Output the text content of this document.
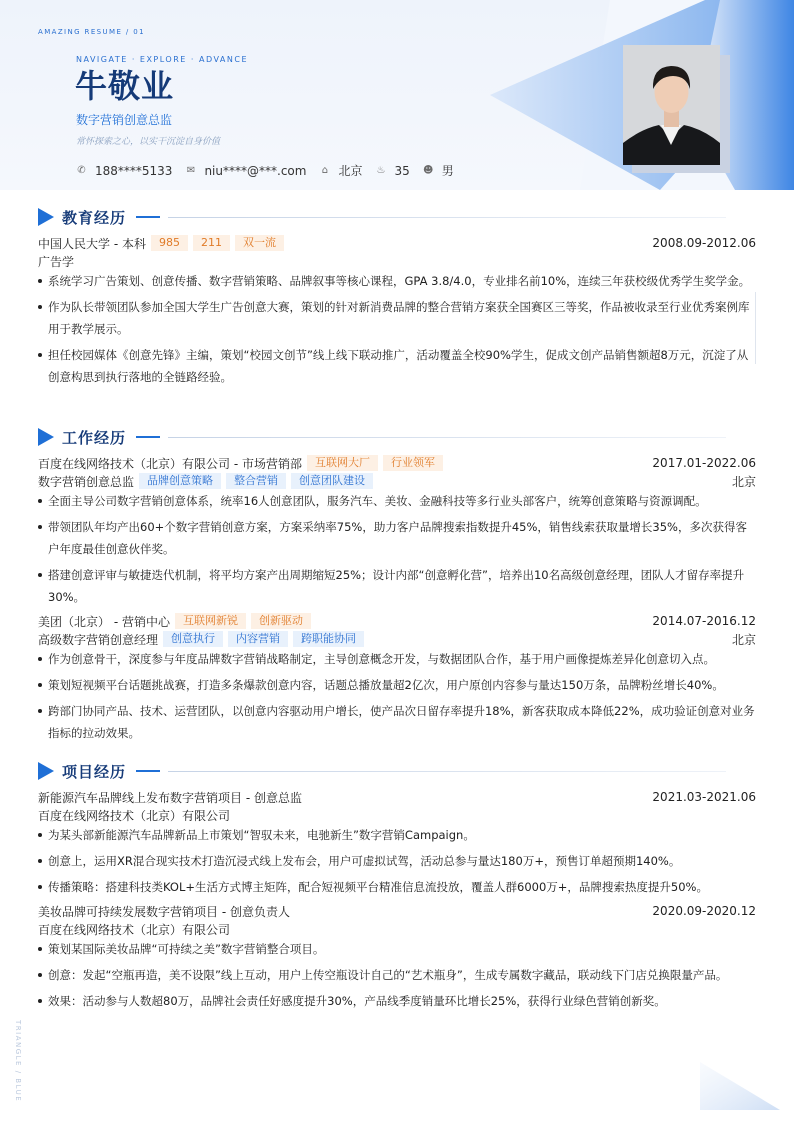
AMAZING RESUME / 01
NAVIGATE · EXPLORE · ADVANCE
牛敬业
数字营销创意总监
常怀探索之心，以实干沉淀自身价值
✆ 188****5133 ✉ niu****@***.com ⌂ 北京 ♨ 35 ☻ 男
教育经历
中国人民大学 - 本科	985	211	双一流	2008.09-2012.06
广告学
系统学习广告策划、创意传播、数字营销策略、品牌叙事等核心课程，GPA 3.8/4.0，专业排名前10%，连续三年获校级优秀学生奖学金。
作为队长带领团队参加全国大学生广告创意大赛，策划的针对新消费品牌的整合营销方案获全国赛区三等奖，作品被收录至行业优秀案例库用于教学展示。
担任校园媒体《创意先锋》主编，策划“校园文创节”线上线下联动推广，活动覆盖全校90%学生，促成文创产品销售额超8万元，沉淀了从创意构思到执行落地的全链路经验。
工作经历
百度在线网络技术（北京）有限公司 - 市场营销部	互联网大厂	行业领军	2017.01-2022.06
数字营销创意总监	品牌创意策略	整合营销	创意团队建设	北京
全面主导公司数字营销创意体系，统率16人创意团队，服务汽车、美妆、金融科技等多行业头部客户，统筹创意策略与资源调配。
带领团队年均产出60+个数字营销创意方案，方案采纳率75%，助力客户品牌搜索指数提升45%，销售线索获取量增长35%，多次获得客户年度最佳创意伙伴奖。
搭建创意评审与敏捷迭代机制，将平均方案产出周期缩短25%；设计内部“创意孵化营”，培养出10名高级创意经理，团队人才留存率提升30%。
美团（北京） - 营销中心	互联网新锐	创新驱动	2014.07-2016.12
高级数字营销创意经理	创意执行	内容营销	跨职能协同	北京
作为创意骨干，深度参与年度品牌数字营销战略制定，主导创意概念开发，与数据团队合作，基于用户画像提炼差异化创意切入点。
策划短视频平台话题挑战赛，打造多条爆款创意内容，话题总播放量超2亿次，用户原创内容参与量达150万条，品牌粉丝增长40%。
跨部门协同产品、技术、运营团队，以创意内容驱动用户增长，使产品次日留存率提升18%，新客获取成本降低22%，成功验证创意对业务指标的拉动效果。
项目经历
新能源汽车品牌线上发布数字营销项目 - 创意总监	2021.03-2021.06
百度在线网络技术（北京）有限公司
为某头部新能源汽车品牌新品上市策划“智驭未来，电驰新生”数字营销Campaign。
创意上，运用XR混合现实技术打造沉浸式线上发布会，用户可虚拟试驾，活动总参与量达180万+，预售订单超预期140%。
传播策略：搭建科技类KOL+生活方式博主矩阵，配合短视频平台精准信息流投放，覆盖人群6000万+，品牌搜索热度提升50%。
美妆品牌可持续发展数字营销项目 - 创意负责人	2020.09-2020.12
百度在线网络技术（北京）有限公司
策划某国际美妆品牌“可持续之美”数字营销整合项目。
创意：发起“空瓶再造，美不设限”线上互动，用户上传空瓶设计自己的“艺术瓶身”，生成专属数字藏品，联动线下门店兑换限量产品。
效果：活动参与人数超80万，品牌社会责任好感度提升30%，产品线季度销量环比增长25%，获得行业绿色营销创新奖。
TRIANGLE / BLUE
